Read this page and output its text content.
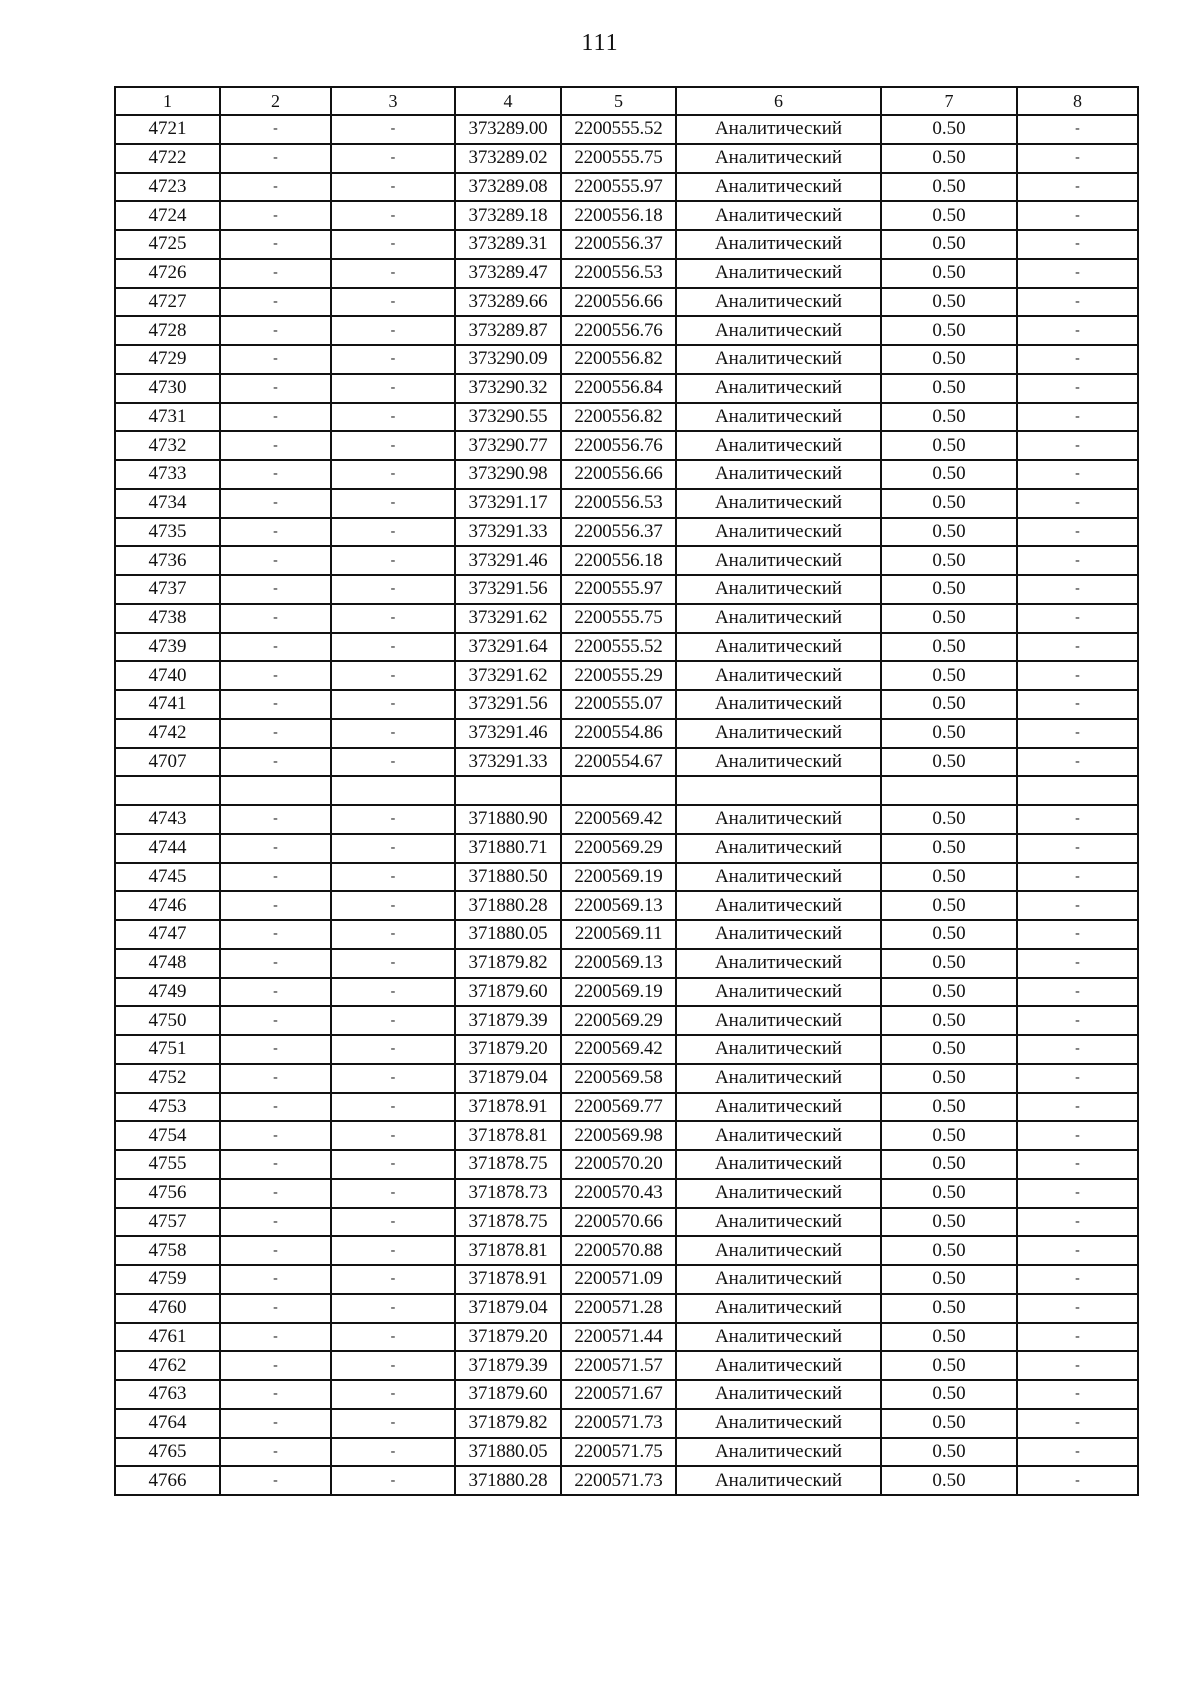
111
1	2	3	4	5	6	7	8
4721	-	-	373289.00	2200555.52	Аналитический	0.50	-
4722	-	-	373289.02	2200555.75	Аналитический	0.50	-
4723	-	-	373289.08	2200555.97	Аналитический	0.50	-
4724	-	-	373289.18	2200556.18	Аналитический	0.50	-
4725	-	-	373289.31	2200556.37	Аналитический	0.50	-
4726	-	-	373289.47	2200556.53	Аналитический	0.50	-
4727	-	-	373289.66	2200556.66	Аналитический	0.50	-
4728	-	-	373289.87	2200556.76	Аналитический	0.50	-
4729	-	-	373290.09	2200556.82	Аналитический	0.50	-
4730	-	-	373290.32	2200556.84	Аналитический	0.50	-
4731	-	-	373290.55	2200556.82	Аналитический	0.50	-
4732	-	-	373290.77	2200556.76	Аналитический	0.50	-
4733	-	-	373290.98	2200556.66	Аналитический	0.50	-
4734	-	-	373291.17	2200556.53	Аналитический	0.50	-
4735	-	-	373291.33	2200556.37	Аналитический	0.50	-
4736	-	-	373291.46	2200556.18	Аналитический	0.50	-
4737	-	-	373291.56	2200555.97	Аналитический	0.50	-
4738	-	-	373291.62	2200555.75	Аналитический	0.50	-
4739	-	-	373291.64	2200555.52	Аналитический	0.50	-
4740	-	-	373291.62	2200555.29	Аналитический	0.50	-
4741	-	-	373291.56	2200555.07	Аналитический	0.50	-
4742	-	-	373291.46	2200554.86	Аналитический	0.50	-
4707	-	-	373291.33	2200554.67	Аналитический	0.50	-

4743	-	-	371880.90	2200569.42	Аналитический	0.50	-
4744	-	-	371880.71	2200569.29	Аналитический	0.50	-
4745	-	-	371880.50	2200569.19	Аналитический	0.50	-
4746	-	-	371880.28	2200569.13	Аналитический	0.50	-
4747	-	-	371880.05	2200569.11	Аналитический	0.50	-
4748	-	-	371879.82	2200569.13	Аналитический	0.50	-
4749	-	-	371879.60	2200569.19	Аналитический	0.50	-
4750	-	-	371879.39	2200569.29	Аналитический	0.50	-
4751	-	-	371879.20	2200569.42	Аналитический	0.50	-
4752	-	-	371879.04	2200569.58	Аналитический	0.50	-
4753	-	-	371878.91	2200569.77	Аналитический	0.50	-
4754	-	-	371878.81	2200569.98	Аналитический	0.50	-
4755	-	-	371878.75	2200570.20	Аналитический	0.50	-
4756	-	-	371878.73	2200570.43	Аналитический	0.50	-
4757	-	-	371878.75	2200570.66	Аналитический	0.50	-
4758	-	-	371878.81	2200570.88	Аналитический	0.50	-
4759	-	-	371878.91	2200571.09	Аналитический	0.50	-
4760	-	-	371879.04	2200571.28	Аналитический	0.50	-
4761	-	-	371879.20	2200571.44	Аналитический	0.50	-
4762	-	-	371879.39	2200571.57	Аналитический	0.50	-
4763	-	-	371879.60	2200571.67	Аналитический	0.50	-
4764	-	-	371879.82	2200571.73	Аналитический	0.50	-
4765	-	-	371880.05	2200571.75	Аналитический	0.50	-
4766	-	-	371880.28	2200571.73	Аналитический	0.50	-
